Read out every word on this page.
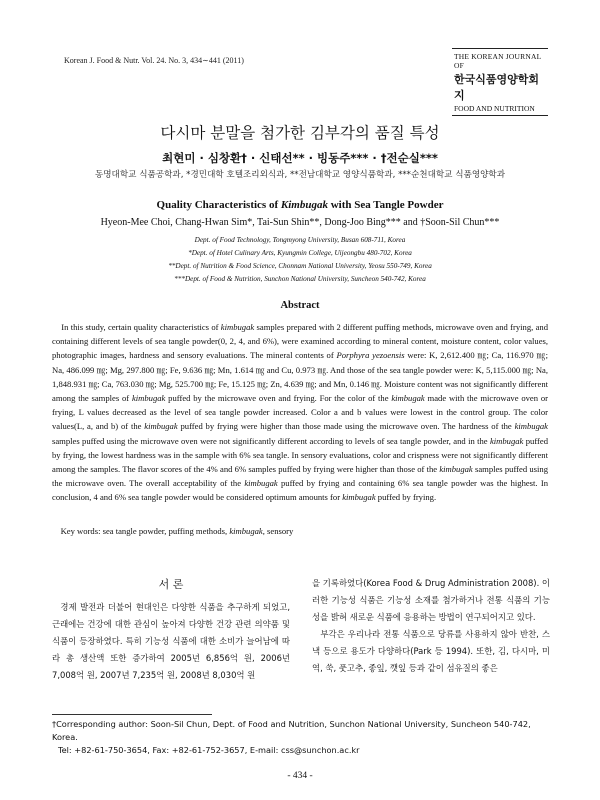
Korean J. Food & Nutr. Vol. 24. No. 3, 434∼441 (2011)	THE KOREAN JOURNAL OF
한국식품영양학회지
FOOD AND NUTRITION
다시마 분말을 첨가한 김부각의 품질 특성
최현미 · 심창환† · 신태선** · 빙동주*** · †전순실***
동명대학교 식품공학과, *경민대학 호텔조리외식과, **전남대학교 영양식품학과, ***순천대학교 식품영양학과
Quality Characteristics of Kimbugak with Sea Tangle Powder
Hyeon-Mee Choi, Chang-Hwan Sim*, Tai-Sun Shin**, Dong-Joo Bing*** and †Soon-Sil Chun***
Dept. of Food Technology, Tongmyong University, Busan 608-711, Korea
*Dept. of Hotel Culinary Arts, Kyungmin College, Uijeongbu 480-702, Korea
**Dept. of Nutrition & Food Science, Chonnam National University, Yeosu 550-749, Korea
***Dept. of Food & Nutrition, Sunchon National University, Suncheon 540-742, Korea
Abstract

In this study, certain quality characteristics of kimbugak samples prepared with 2 different puffing methods, microwave oven and frying, and containing different levels of sea tangle powder(0, 2, 4, and 6%), were examined according to mineral content, moisture content, color values, photographic images, hardness and sensory evaluations. The mineral contents of Porphyra yezoensis were: K, 2,612.400 ㎎; Ca, 116.970 ㎎; Na, 486.099 ㎎; Mg, 297.800 ㎎; Fe, 9.636 ㎎; Mn, 1.614 ㎎ and Cu, 0.973 ㎎. And those of the sea tangle powder were: K, 5,115.000 ㎎; Na, 1,848.931 ㎎; Ca, 763.030 ㎎; Mg, 525.700 ㎎; Fe, 15.125 ㎎; Zn, 4.639 ㎎; and Mn, 0.146 ㎎. Moisture content was not significantly different among the samples of kimbugak puffed by the microwave oven and frying. For the color of the kimbugak made with the microwave oven or frying, L values decreased as the level of sea tangle powder increased. Color a and b values were lowest in the control group. The color values(L, a, and b) of the kimbugak puffed by frying were higher than those made using the microwave oven. The hardness of the kimbugak samples puffed using the microwave oven were not significantly different according to levels of sea tangle powder, and in the kimbugak puffed by frying, the lowest hardness was in the sample with 6% sea tangle. In sensory evaluations, color and crispness were not significantly different among the samples. The flavor scores of the 4% and 6% samples puffed by frying were higher than those of the kimbugak samples puffed using the microwave oven. The overall acceptability of the kimbugak puffed by frying and containing 6% sea tangle powder was the highest. In conclusion, 4 and 6% sea tangle powder would be considered optimum amounts for kimbugak puffed by frying.

Key words: sea tangle powder, puffing methods, kimbugak, sensory
서 론

경제 발전과 더불어 현대인은 다양한 식품을 추구하게 되었고, 근래에는 건강에 대한 관심이 높아져 다양한 건강 관련 의약품 및 식품이 등장하였다. 특히 기능성 식품에 대한 소비가 늘어남에 따라 총 생산액 또한 증가하여 2005년 6,856억 원, 2006년 7,008억 원, 2007년 7,235억 원, 2008년 8,030억 원

을 기록하였다(Korea Food & Drug Administration 2008). 이러한 기능성 식품은 기능성 소재를 첨가하거나 전통 식품의 기능성을 밝혀 새로운 식품에 응용하는 방법이 연구되어지고 있다.

부각은 우리나라 전통 식품으로 당류를 사용하지 않아 반찬, 스낵 등으로 용도가 다양하다(Park 등 1994). 또한, 김, 다시마, 미역, 쑥, 풋고추, 좋잎, 깻잎 등과 같이 섬유질의 좋은

†Corresponding author: Soon-Sil Chun, Dept. of Food and Nutrition, Sunchon National University, Suncheon 540-742, Korea.
Tel: +82-61-750-3654, Fax: +82-61-752-3657, E-mail: css@sunchon.ac.kr
- 434 -
